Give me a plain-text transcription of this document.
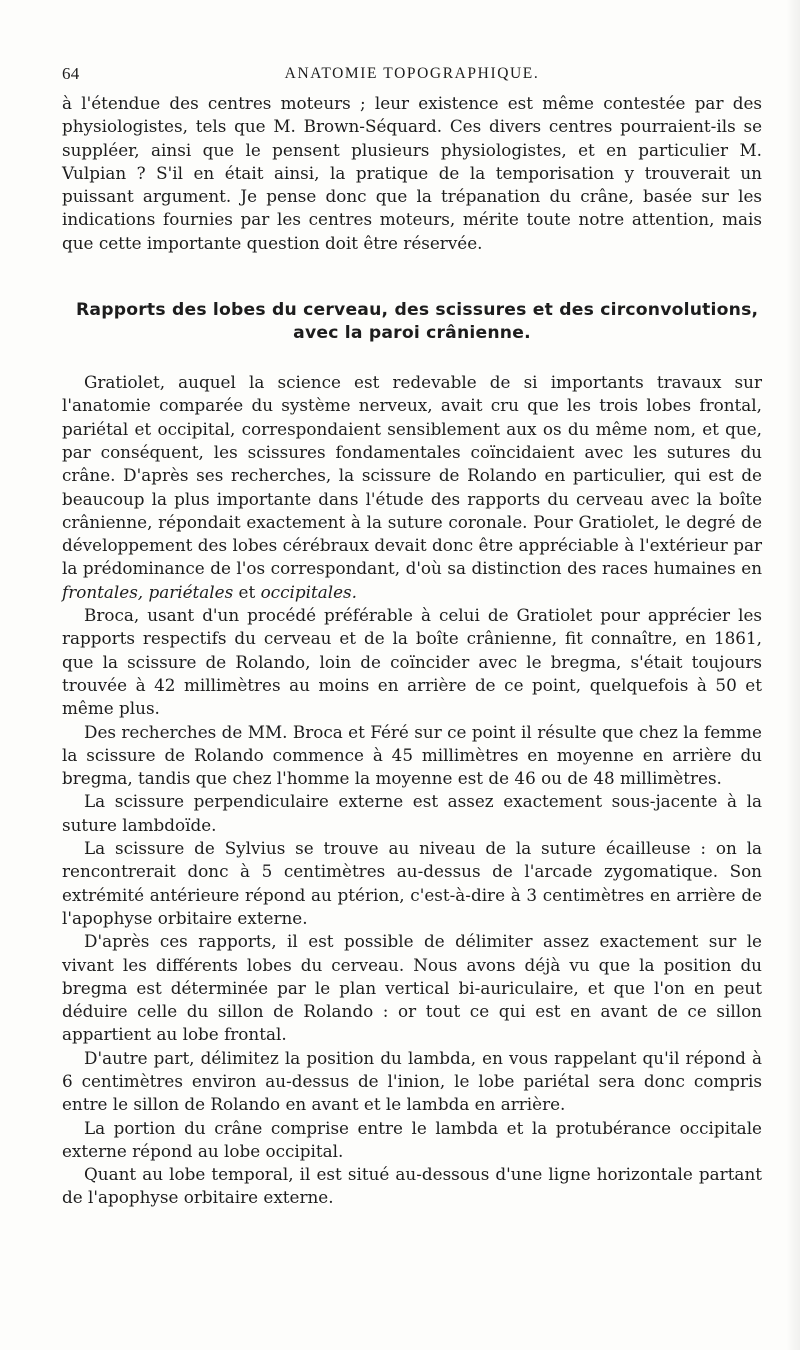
64	ANATOMIE TOPOGRAPHIQUE.

à l'étendue des centres moteurs ; leur existence est même contestée par des physiologistes, tels que M. Brown-Séquard. Ces divers centres pourraient-ils se suppléer, ainsi que le pensent plusieurs physiologistes, et en particulier M. Vulpian ? S'il en était ainsi, la pratique de la temporisation y trouverait un puissant argument. Je pense donc que la trépanation du crâne, basée sur les indications fournies par les centres moteurs, mérite toute notre attention, mais que cette importante question doit être réservée.

Rapports des lobes du cerveau, des scissures et des circonvolutions,
avec la paroi crânienne.

Gratiolet, auquel la science est redevable de si importants travaux sur l'anatomie comparée du système nerveux, avait cru que les trois lobes frontal, pariétal et occipital, correspondaient sensiblement aux os du même nom, et que, par conséquent, les scissures fondamentales coïncidaient avec les sutures du crâne. D'après ses recherches, la scissure de Rolando en particulier, qui est de beaucoup la plus importante dans l'étude des rapports du cerveau avec la boîte crânienne, répondait exactement à la suture coronale. Pour Gratiolet, le degré de développement des lobes cérébraux devait donc être appréciable à l'extérieur par la prédominance de l'os correspondant, d'où sa distinction des races humaines en frontales, pariétales et occipitales.

Broca, usant d'un procédé préférable à celui de Gratiolet pour apprécier les rapports respectifs du cerveau et de la boîte crânienne, fit connaître, en 1861, que la scissure de Rolando, loin de coïncider avec le bregma, s'était toujours trouvée à 42 millimètres au moins en arrière de ce point, quelquefois à 50 et même plus.

Des recherches de MM. Broca et Féré sur ce point il résulte que chez la femme la scissure de Rolando commence à 45 millimètres en moyenne en arrière du bregma, tandis que chez l'homme la moyenne est de 46 ou de 48 millimètres.

La scissure perpendiculaire externe est assez exactement sous-jacente à la suture lambdoïde.

La scissure de Sylvius se trouve au niveau de la suture écailleuse : on la rencontrerait donc à 5 centimètres au-dessus de l'arcade zygomatique. Son extrémité antérieure répond au ptérion, c'est-à-dire à 3 centimètres en arrière de l'apophyse orbitaire externe.

D'après ces rapports, il est possible de délimiter assez exactement sur le vivant les différents lobes du cerveau. Nous avons déjà vu que la position du bregma est déterminée par le plan vertical bi-auriculaire, et que l'on en peut déduire celle du sillon de Rolando : or tout ce qui est en avant de ce sillon appartient au lobe frontal.

D'autre part, délimitez la position du lambda, en vous rappelant qu'il répond à 6 centimètres environ au-dessus de l'inion, le lobe pariétal sera donc compris entre le sillon de Rolando en avant et le lambda en arrière.

La portion du crâne comprise entre le lambda et la protubérance occipitale externe répond au lobe occipital.

Quant au lobe temporal, il est situé au-dessous d'une ligne horizontale partant de l'apophyse orbitaire externe.
